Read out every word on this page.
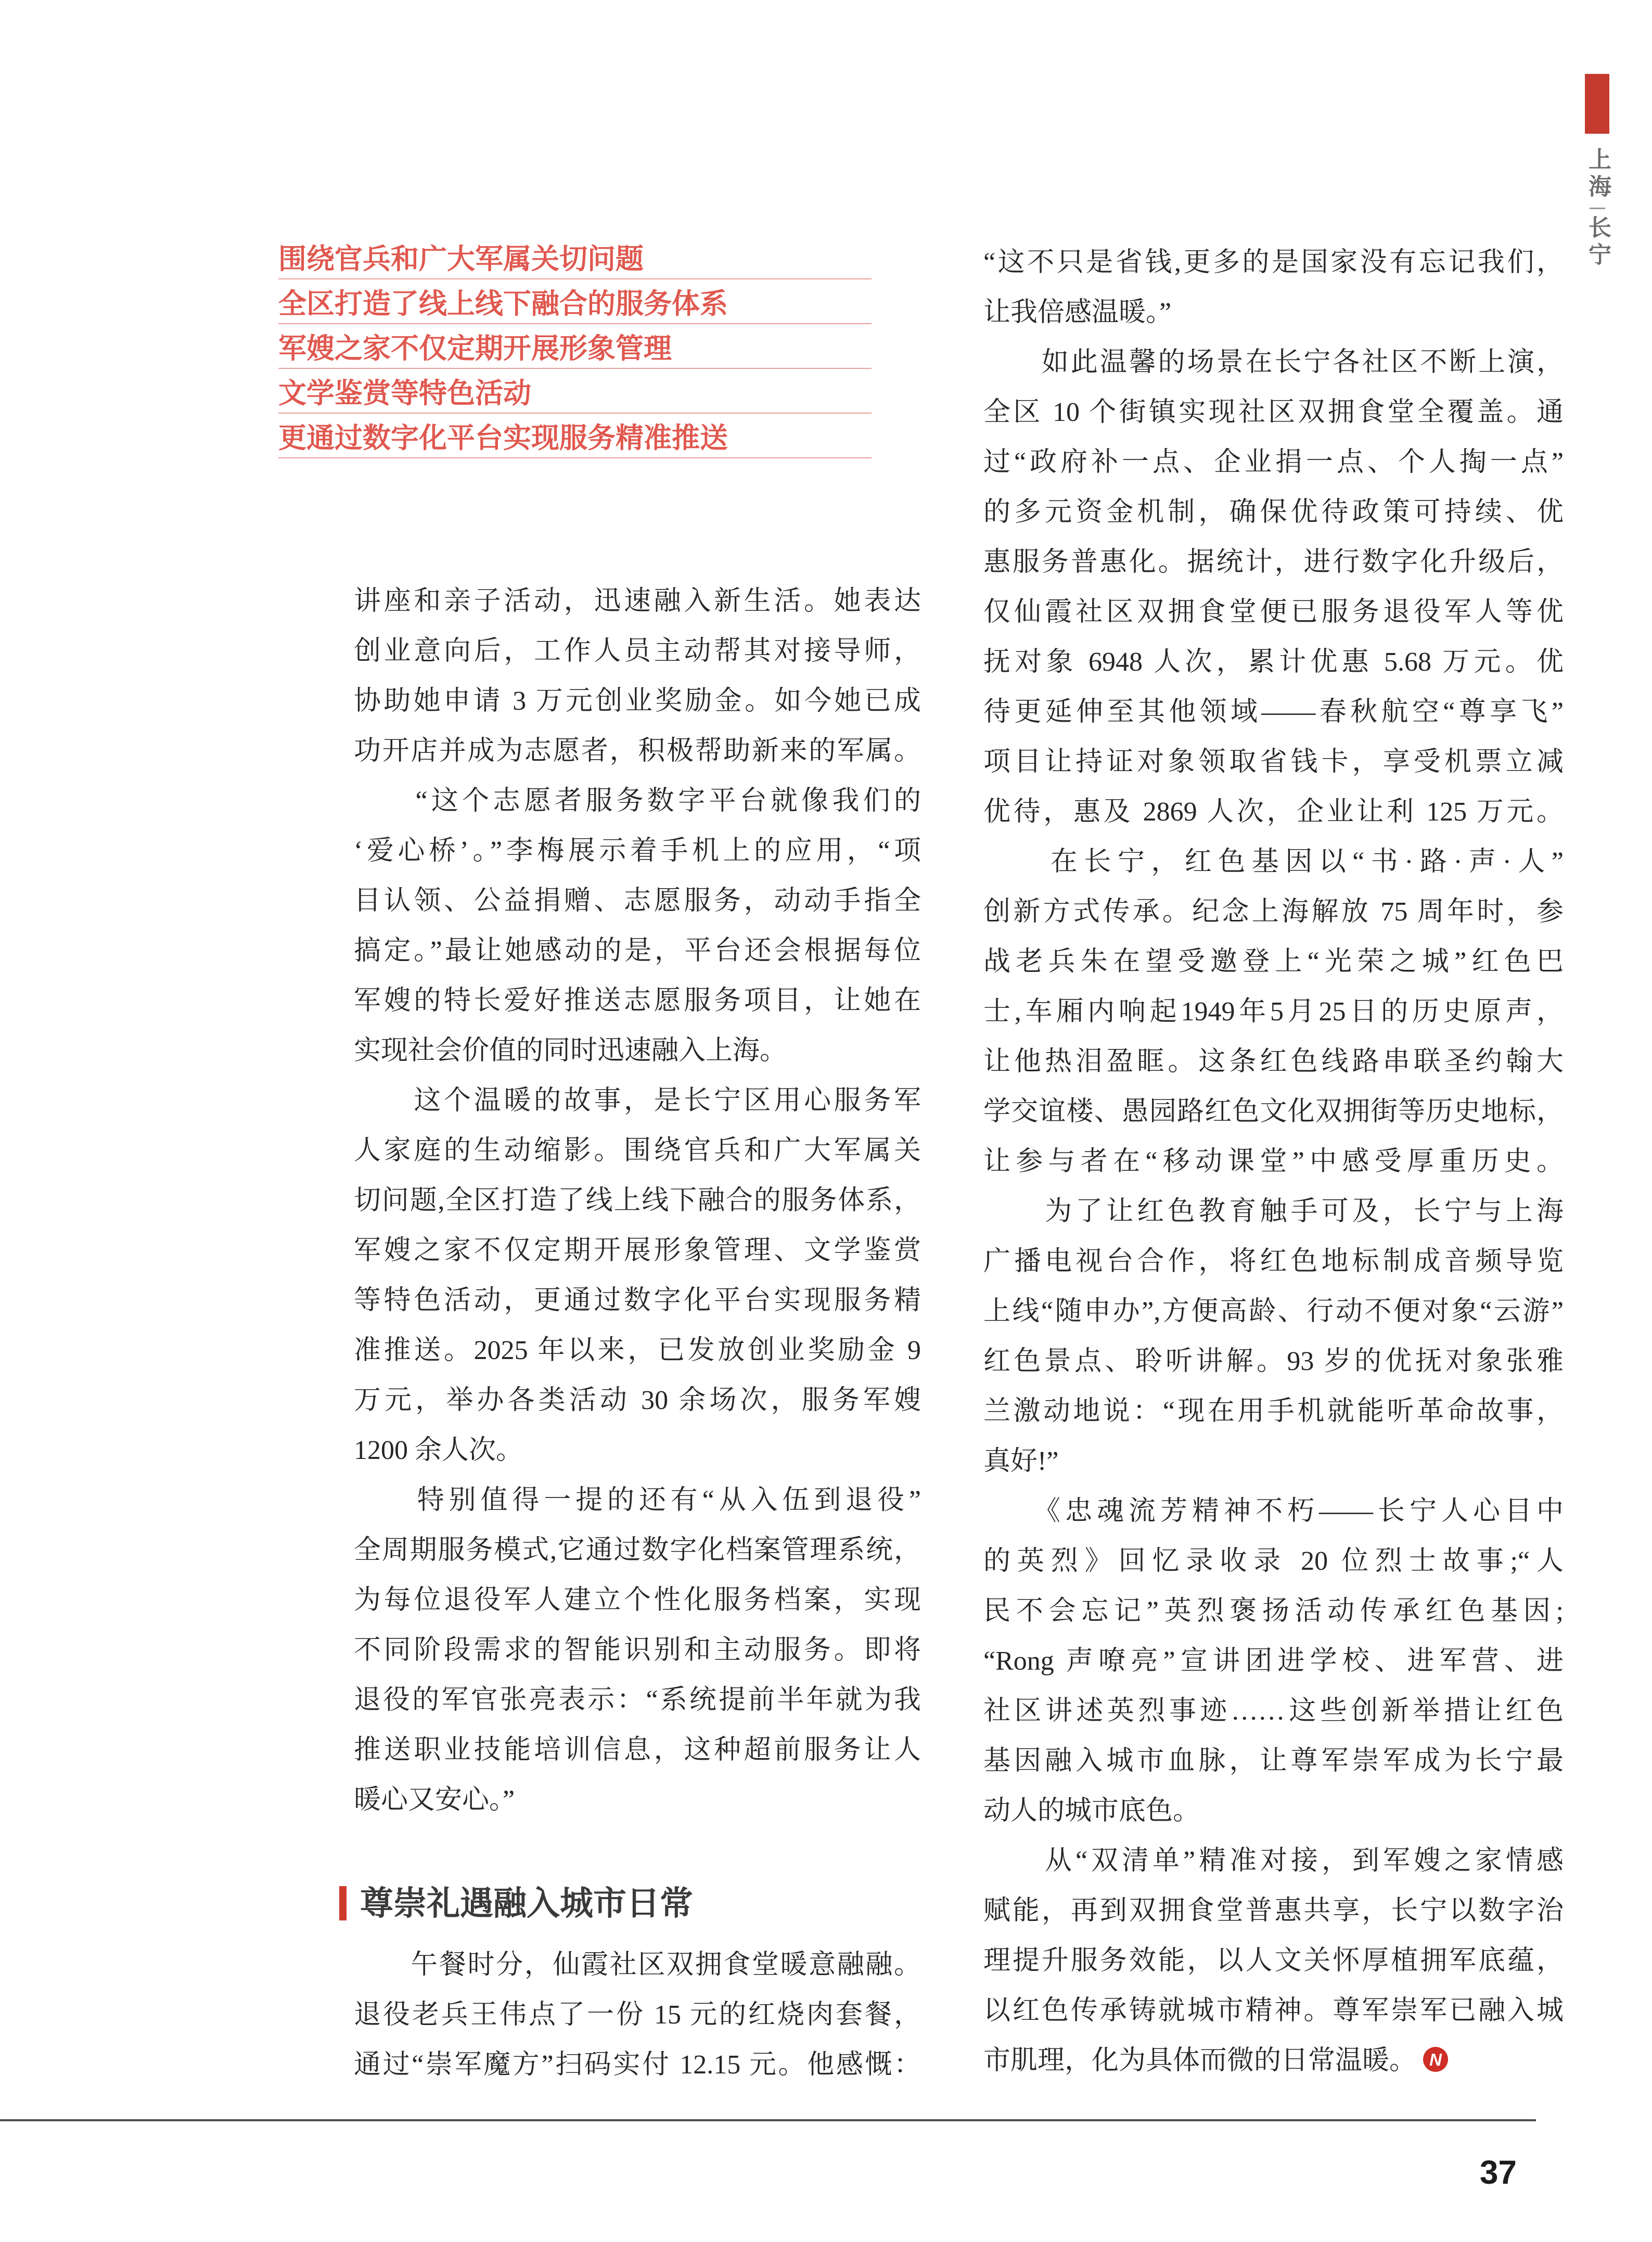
上海
长宁
围绕官兵和广大军属关切问题
全区打造了线上线下融合的服务体系
军嫂之家不仅定期开展形象管理
文学鉴赏等特色活动
更通过数字化平台实现服务精准推送
讲座和亲子活动，迅速融入新生活。她表达
创业意向后，工作人员主动帮其对接导师，
协助她申请 3 万元创业奖励金。如今她已成
功开店并成为志愿者，积极帮助新来的军属。
　　“这个志愿者服务数字平台就像我们的
‘爱心桥’。”李梅展示着手机上的应用，“项
目认领、公益捐赠、志愿服务，动动手指全
搞定。”最让她感动的是，平台还会根据每位
军嫂的特长爱好推送志愿服务项目，让她在
实现社会价值的同时迅速融入上海。
　　这个温暖的故事，是长宁区用心服务军
人家庭的生动缩影。围绕官兵和广大军属关
切问题,全区打造了线上线下融合的服务体系，
军嫂之家不仅定期开展形象管理、文学鉴赏
等特色活动，更通过数字化平台实现服务精
准推送。2025 年以来，已发放创业奖励金 9
万元，举办各类活动 30 余场次，服务军嫂
1200 余人次。
　　特别值得一提的还有“从入伍到退役”
全周期服务模式,它通过数字化档案管理系统，
为每位退役军人建立个性化服务档案，实现
不同阶段需求的智能识别和主动服务。即将
退役的军官张亮表示：“系统提前半年就为我
推送职业技能培训信息，这种超前服务让人
暖心又安心。”
尊崇礼遇融入城市日常
　　午餐时分，仙霞社区双拥食堂暖意融融。
退役老兵王伟点了一份 15 元的红烧肉套餐，
通过“崇军魔方”扫码实付 12.15 元。他感慨：
“这不只是省钱,更多的是国家没有忘记我们，
让我倍感温暖。”
　　如此温馨的场景在长宁各社区不断上演，
全区 10 个街镇实现社区双拥食堂全覆盖。通
过“政府补一点、企业捐一点、个人掏一点”
的多元资金机制，确保优待政策可持续、优
惠服务普惠化。据统计，进行数字化升级后，
仅仙霞社区双拥食堂便已服务退役军人等优
抚对象 6948 人次，累计优惠 5.68 万元。优
待更延伸至其他领域——春秋航空“尊享飞”
项目让持证对象领取省钱卡，享受机票立减
优待，惠及 2869 人次，企业让利 125 万元。
　　在长宁，红色基因以“书·路·声·人”
创新方式传承。纪念上海解放 75 周年时，参
战老兵朱在望受邀登上“光荣之城”红色巴
士,车厢内响起1949年5月25日的历史原声，
让他热泪盈眶。这条红色线路串联圣约翰大
学交谊楼、愚园路红色文化双拥街等历史地标，
让参与者在“移动课堂”中感受厚重历史。
　　为了让红色教育触手可及，长宁与上海
广播电视台合作，将红色地标制成音频导览
上线“随申办”,方便高龄、行动不便对象“云游”
红色景点、聆听讲解。93 岁的优抚对象张雅
兰激动地说：“现在用手机就能听革命故事，
真好!”
　　《忠魂流芳精神不朽——长宁人心目中
的英烈》回忆录收录 20 位烈士故事;“人
民不会忘记”英烈褒扬活动传承红色基因;
“Rong 声嘹亮”宣讲团进学校、进军营、进
社区讲述英烈事迹……这些创新举措让红色
基因融入城市血脉，让尊军崇军成为长宁最
动人的城市底色。
　　从“双清单”精准对接，到军嫂之家情感
赋能，再到双拥食堂普惠共享，长宁以数字治
理提升服务效能，以人文关怀厚植拥军底蕴，
以红色传承铸就城市精神。尊军崇军已融入城
市肌理，化为具体而微的日常温暖。 N
37
